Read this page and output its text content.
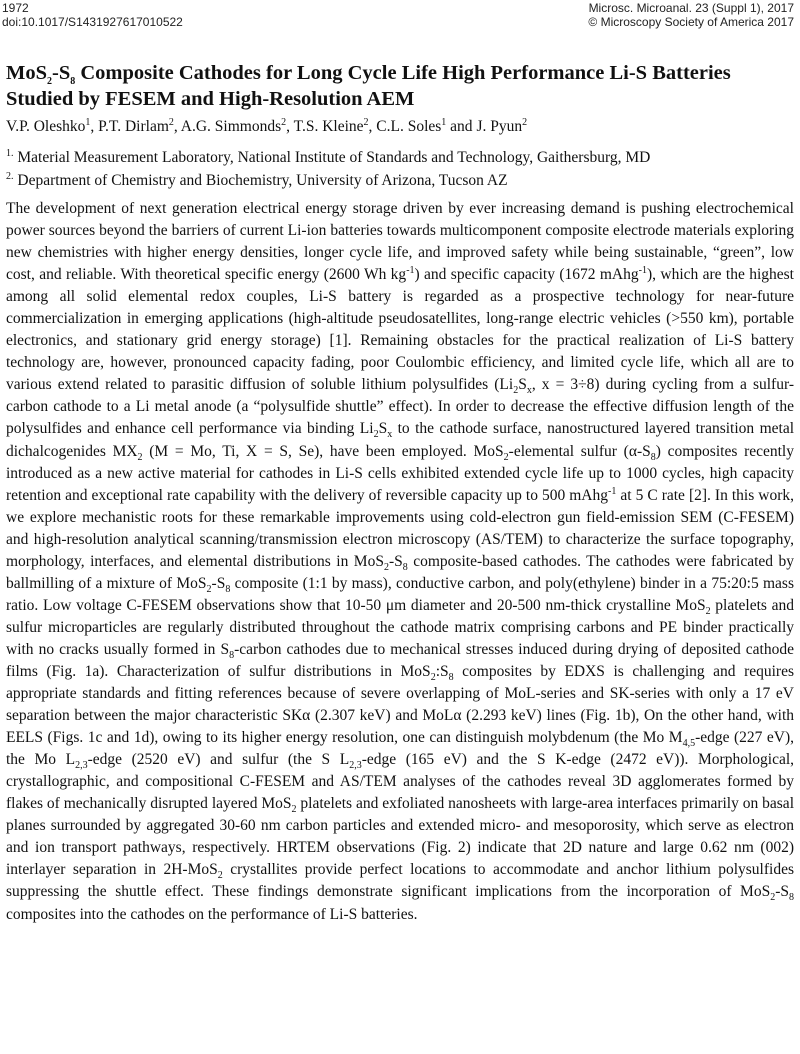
1972
doi:10.1017/S1431927617010522
Microsc. Microanal. 23 (Suppl 1), 2017
© Microscopy Society of America 2017
$MoS_2-S_8$ Composite Cathodes for Long Cycle Life High Performance Li-S Batteries Studied by FESEM and High-Resolution AEM

V.P. Oleshko$^1$, P.T. Dirlam$^2$, A.G. Simmonds$^2$, T.S. Kleine$^2$, C.L. Soles$^1$ and J. Pyun$^2$

$^{1.}$ Material Measurement Laboratory, National Institute of Standards and Technology, Gaithersburg, MD

$^{2.}$ Department of Chemistry and Biochemistry, University of Arizona, Tucson AZ

The development of next generation electrical energy storage driven by ever increasing demand is pushing electrochemical power sources beyond the barriers of current Li-ion batteries towards multicomponent composite electrode materials exploring new chemistries with higher energy densities, longer cycle life, and improved safety while being sustainable, “green”, low cost, and reliable. With theoretical specific energy (2600 Wh $kg^{-1}$) and specific capacity (1672 mAhg$^{-1}$), which are the highest among all solid elemental redox couples, Li-S battery is regarded as a prospective technology for near-future commercialization in emerging applications (high-altitude pseudosatellites, long-range electric vehicles (>550 km), portable electronics, and stationary grid energy storage) [1]. Remaining obstacles for the practical realization of Li-S battery technology are, however, pronounced capacity fading, poor Coulombic efficiency, and limited cycle life, which all are to various extend related to parasitic diffusion of soluble lithium polysulfides ($Li_2S_x$, x = 3÷8) during cycling from a sulfur-carbon cathode to a Li metal anode (a “polysulfide shuttle” effect). In order to decrease the effective diffusion length of the polysulfides and enhance cell performance via binding $Li_2S_x$ to the cathode surface, nanostructured layered transition metal dichalcogenides $MX_2$ (M = Mo, Ti, X = S, Se), have been employed. MoS$_2$-elemental sulfur $(\alpha-S_8)$ composites recently introduced as a new active material for cathodes in Li-S cells exhibited extended cycle life up to 1000 cycles, high capacity retention and exceptional rate capability with the delivery of reversible capacity up to 500 mAhg$^{-1}$ at 5 C rate [2]. In this work, we explore mechanistic roots for these remarkable improvements using cold-electron gun field-emission SEM (C-FESEM) and high-resolution analytical scanning/transmission electron microscopy (AS/TEM) to characterize the surface topography, morphology, interfaces, and elemental distributions in $MoS_2-S_8$ composite-based cathodes. The cathodes were fabricated by ballmilling of a mixture of $MoS_2-S_8$ composite (1:1 by mass), conductive carbon, and poly(ethylene) binder in a 75:20:5 mass ratio. Low voltage C-FESEM observations show that 10-50 μm diameter and 20-500 nm-thick crystalline MoS$_2$ platelets and sulfur microparticles are regularly distributed throughout the cathode matrix comprising carbons and PE binder practically with no cracks usually formed in $S_8$-carbon cathodes due to mechanical stresses induced during drying of deposited cathode films (Fig. 1a). Characterization of sulfur distributions in $MoS_2:S_8$ composites by EDXS is challenging and requires appropriate standards and fitting references because of severe overlapping of MoL-series and SK-series with only a 17 eV separation between the major characteristic SKα (2.307 keV) and MoLα (2.293 keV) lines (Fig. 1b), On the other hand, with EELS (Figs. 1c and 1d), owing to its higher energy resolution, one can distinguish molybdenum (the Mo $M_{4,5}$-edge (227 eV), the Mo $L_{2,3}$-edge (2520 eV) and sulfur (the S $L_{2,3}$-edge (165 eV) and the S K-edge (2472 eV)). Morphological, crystallographic, and compositional C-FESEM and AS/TEM analyses of the cathodes reveal 3D agglomerates formed by flakes of mechanically disrupted layered MoS$_2$ platelets and exfoliated nanosheets with large-area interfaces primarily on basal planes surrounded by aggregated 30-60 nm carbon particles and extended micro- and mesoporosity, which serve as electron and ion transport pathways, respectively. HRTEM observations (Fig. 2) indicate that 2D nature and large 0.62 nm (002) interlayer separation in 2H-MoS$_2$ crystallites provide perfect locations to accommodate and anchor lithium polysulfides suppressing the shuttle effect. These findings demonstrate significant implications from the incorporation of $MoS_2-S_8$ composites into the cathodes on the performance of Li-S batteries.
